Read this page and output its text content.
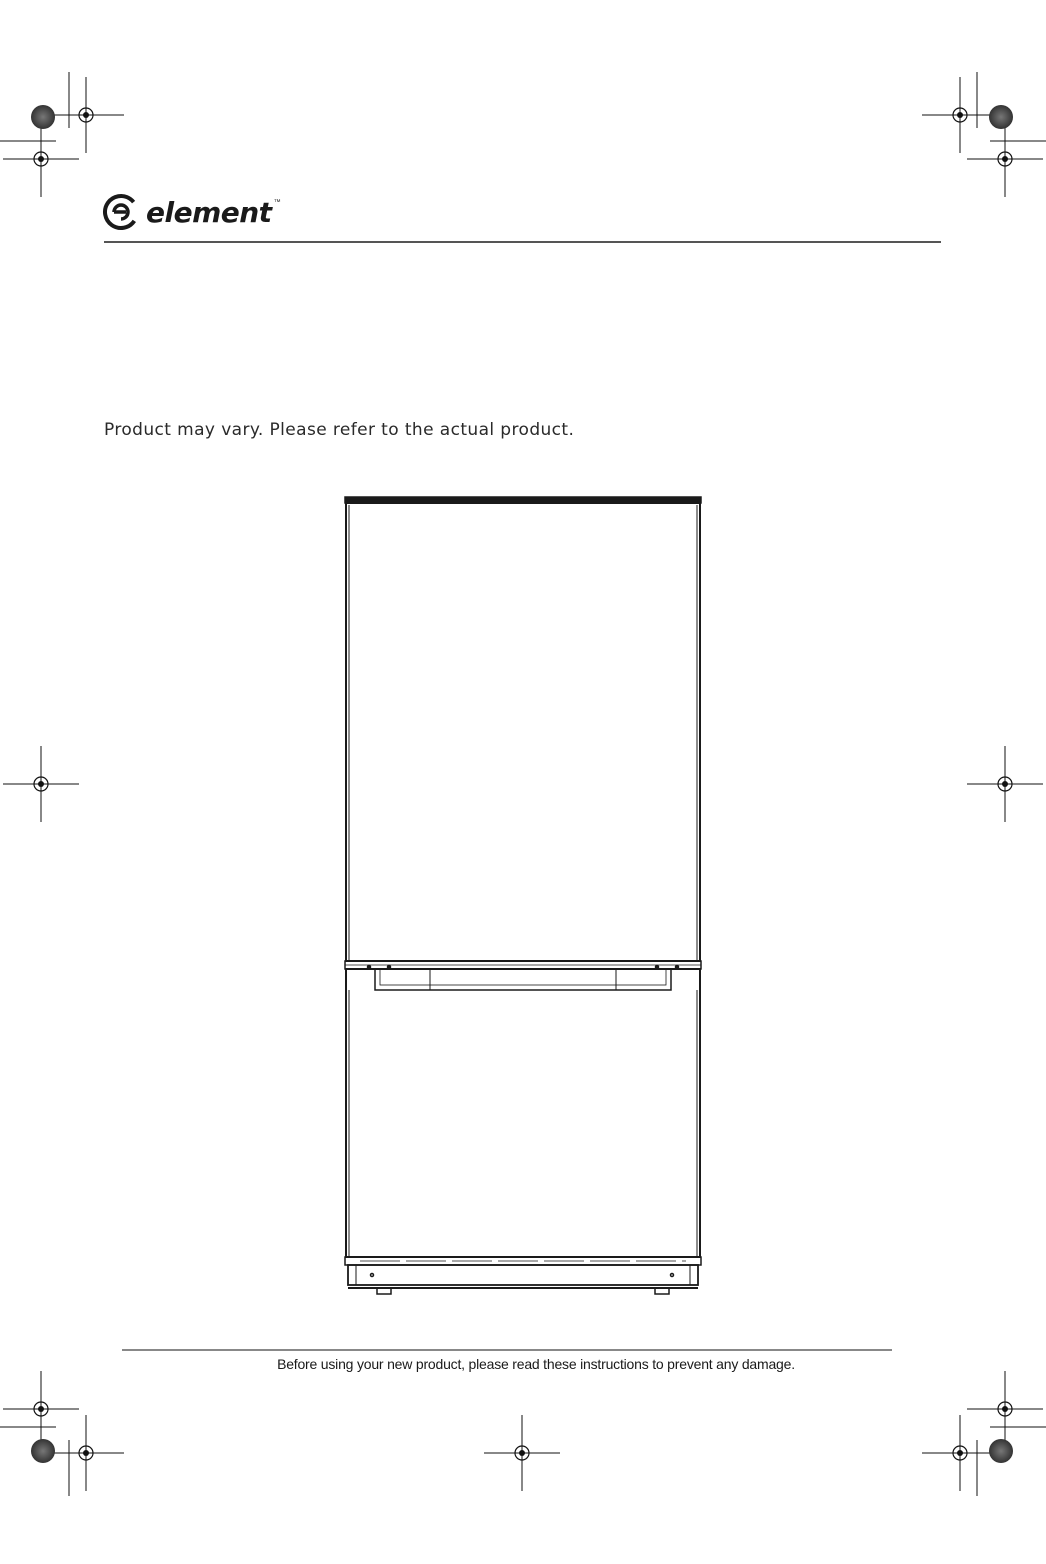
element ™
Product may vary. Please refer to the actual product.
Before using your new product, please read these instructions to prevent any damage.
